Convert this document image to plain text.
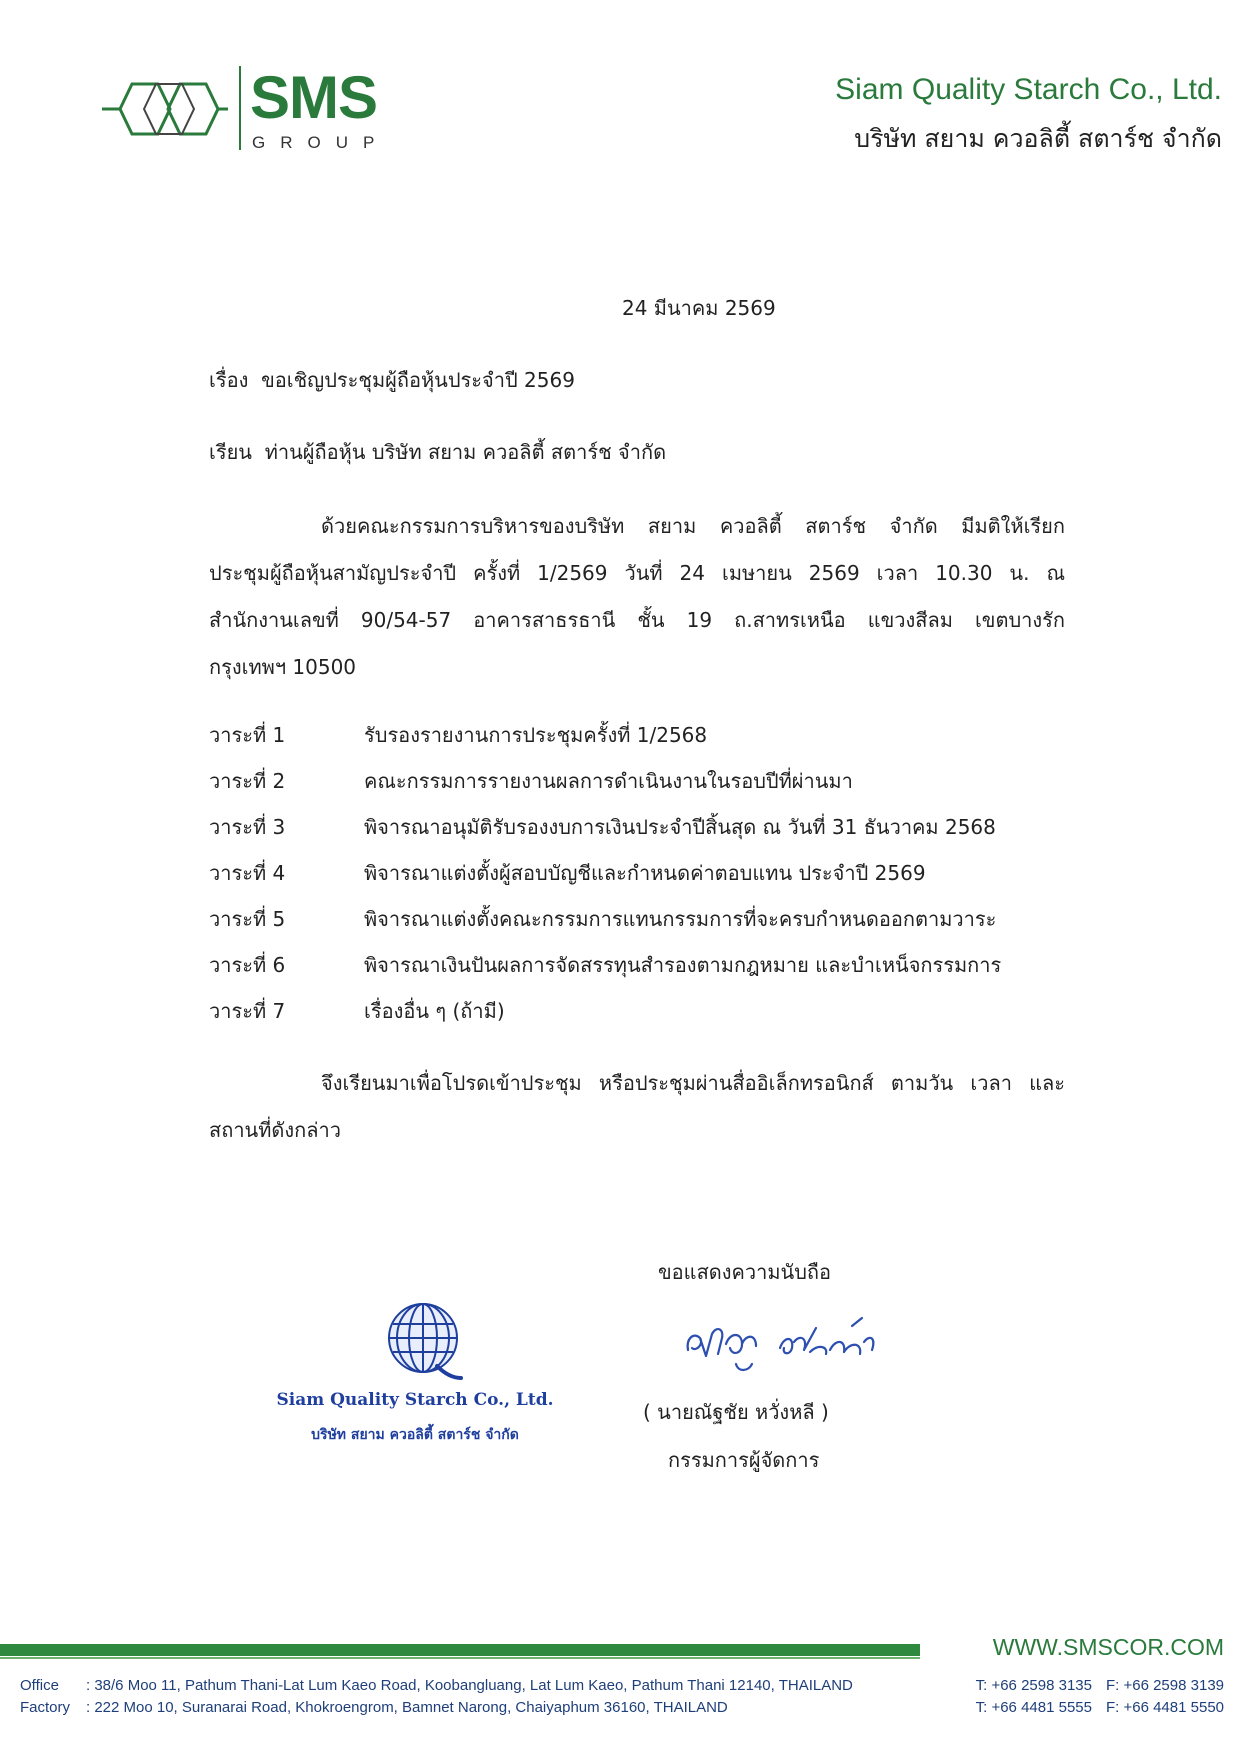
SMS
GROUP
Siam Quality Starch Co., Ltd.
บริษัท สยาม ควอลิตี้ สตาร์ช จำกัด
24 มีนาคม 2569
เรื่อง ขอเชิญประชุมผู้ถือหุ้นประจำปี 2569
เรียน ท่านผู้ถือหุ้น บริษัท สยาม ควอลิตี้ สตาร์ช จำกัด
ด้วยคณะกรรมการบริหารของบริษัท สยาม ควอลิตี้ สตาร์ช จำกัด มีมติให้เรียก
ประชุมผู้ถือหุ้นสามัญประจำปี ครั้งที่ 1/2569 วันที่ 24 เมษายน 2569 เวลา 10.30 น. ณ
สำนักงานเลขที่ 90/54-57 อาคารสาธรธานี ชั้น 19 ถ.สาทรเหนือ แขวงสีลม เขตบางรัก
กรุงเทพฯ 10500
วาระที่ 1	รับรองรายงานการประชุมครั้งที่ 1/2568
วาระที่ 2	คณะกรรมการรายงานผลการดำเนินงานในรอบปีที่ผ่านมา
วาระที่ 3	พิจารณาอนุมัติรับรองงบการเงินประจำปีสิ้นสุด ณ วันที่ 31 ธันวาคม 2568
วาระที่ 4	พิจารณาแต่งตั้งผู้สอบบัญชีและกำหนดค่าตอบแทน ประจำปี 2569
วาระที่ 5	พิจารณาแต่งตั้งคณะกรรมการแทนกรรมการที่จะครบกำหนดออกตามวาระ
วาระที่ 6	พิจารณาเงินปันผลการจัดสรรทุนสำรองตามกฎหมาย และบำเหน็จกรรมการ
วาระที่ 7	เรื่องอื่น ๆ (ถ้ามี)
จึงเรียนมาเพื่อโปรดเข้าประชุม หรือประชุมผ่านสื่ออิเล็กทรอนิกส์ ตามวัน เวลา และ
สถานที่ดังกล่าว
ขอแสดงความนับถือ
( นายณัฐชัย หวั่งหลี )
กรรมการผู้จัดการ
Siam Quality Starch Co., Ltd.
บริษัท สยาม ควอลิตี้ สตาร์ช จำกัด
WWW.SMSCOR.COM
Office : 38/6 Moo 11, Pathum Thani-Lat Lum Kaeo Road, Koobangluang, Lat Lum Kaeo, Pathum Thani 12140, THAILAND
Factory : 222 Moo 10, Suranarai Road, Khokroengrom, Bamnet Narong, Chaiyaphum 36160, THAILAND
T: +66 2598 3135 F: +66 2598 3139
T: +66 4481 5555 F: +66 4481 5550
